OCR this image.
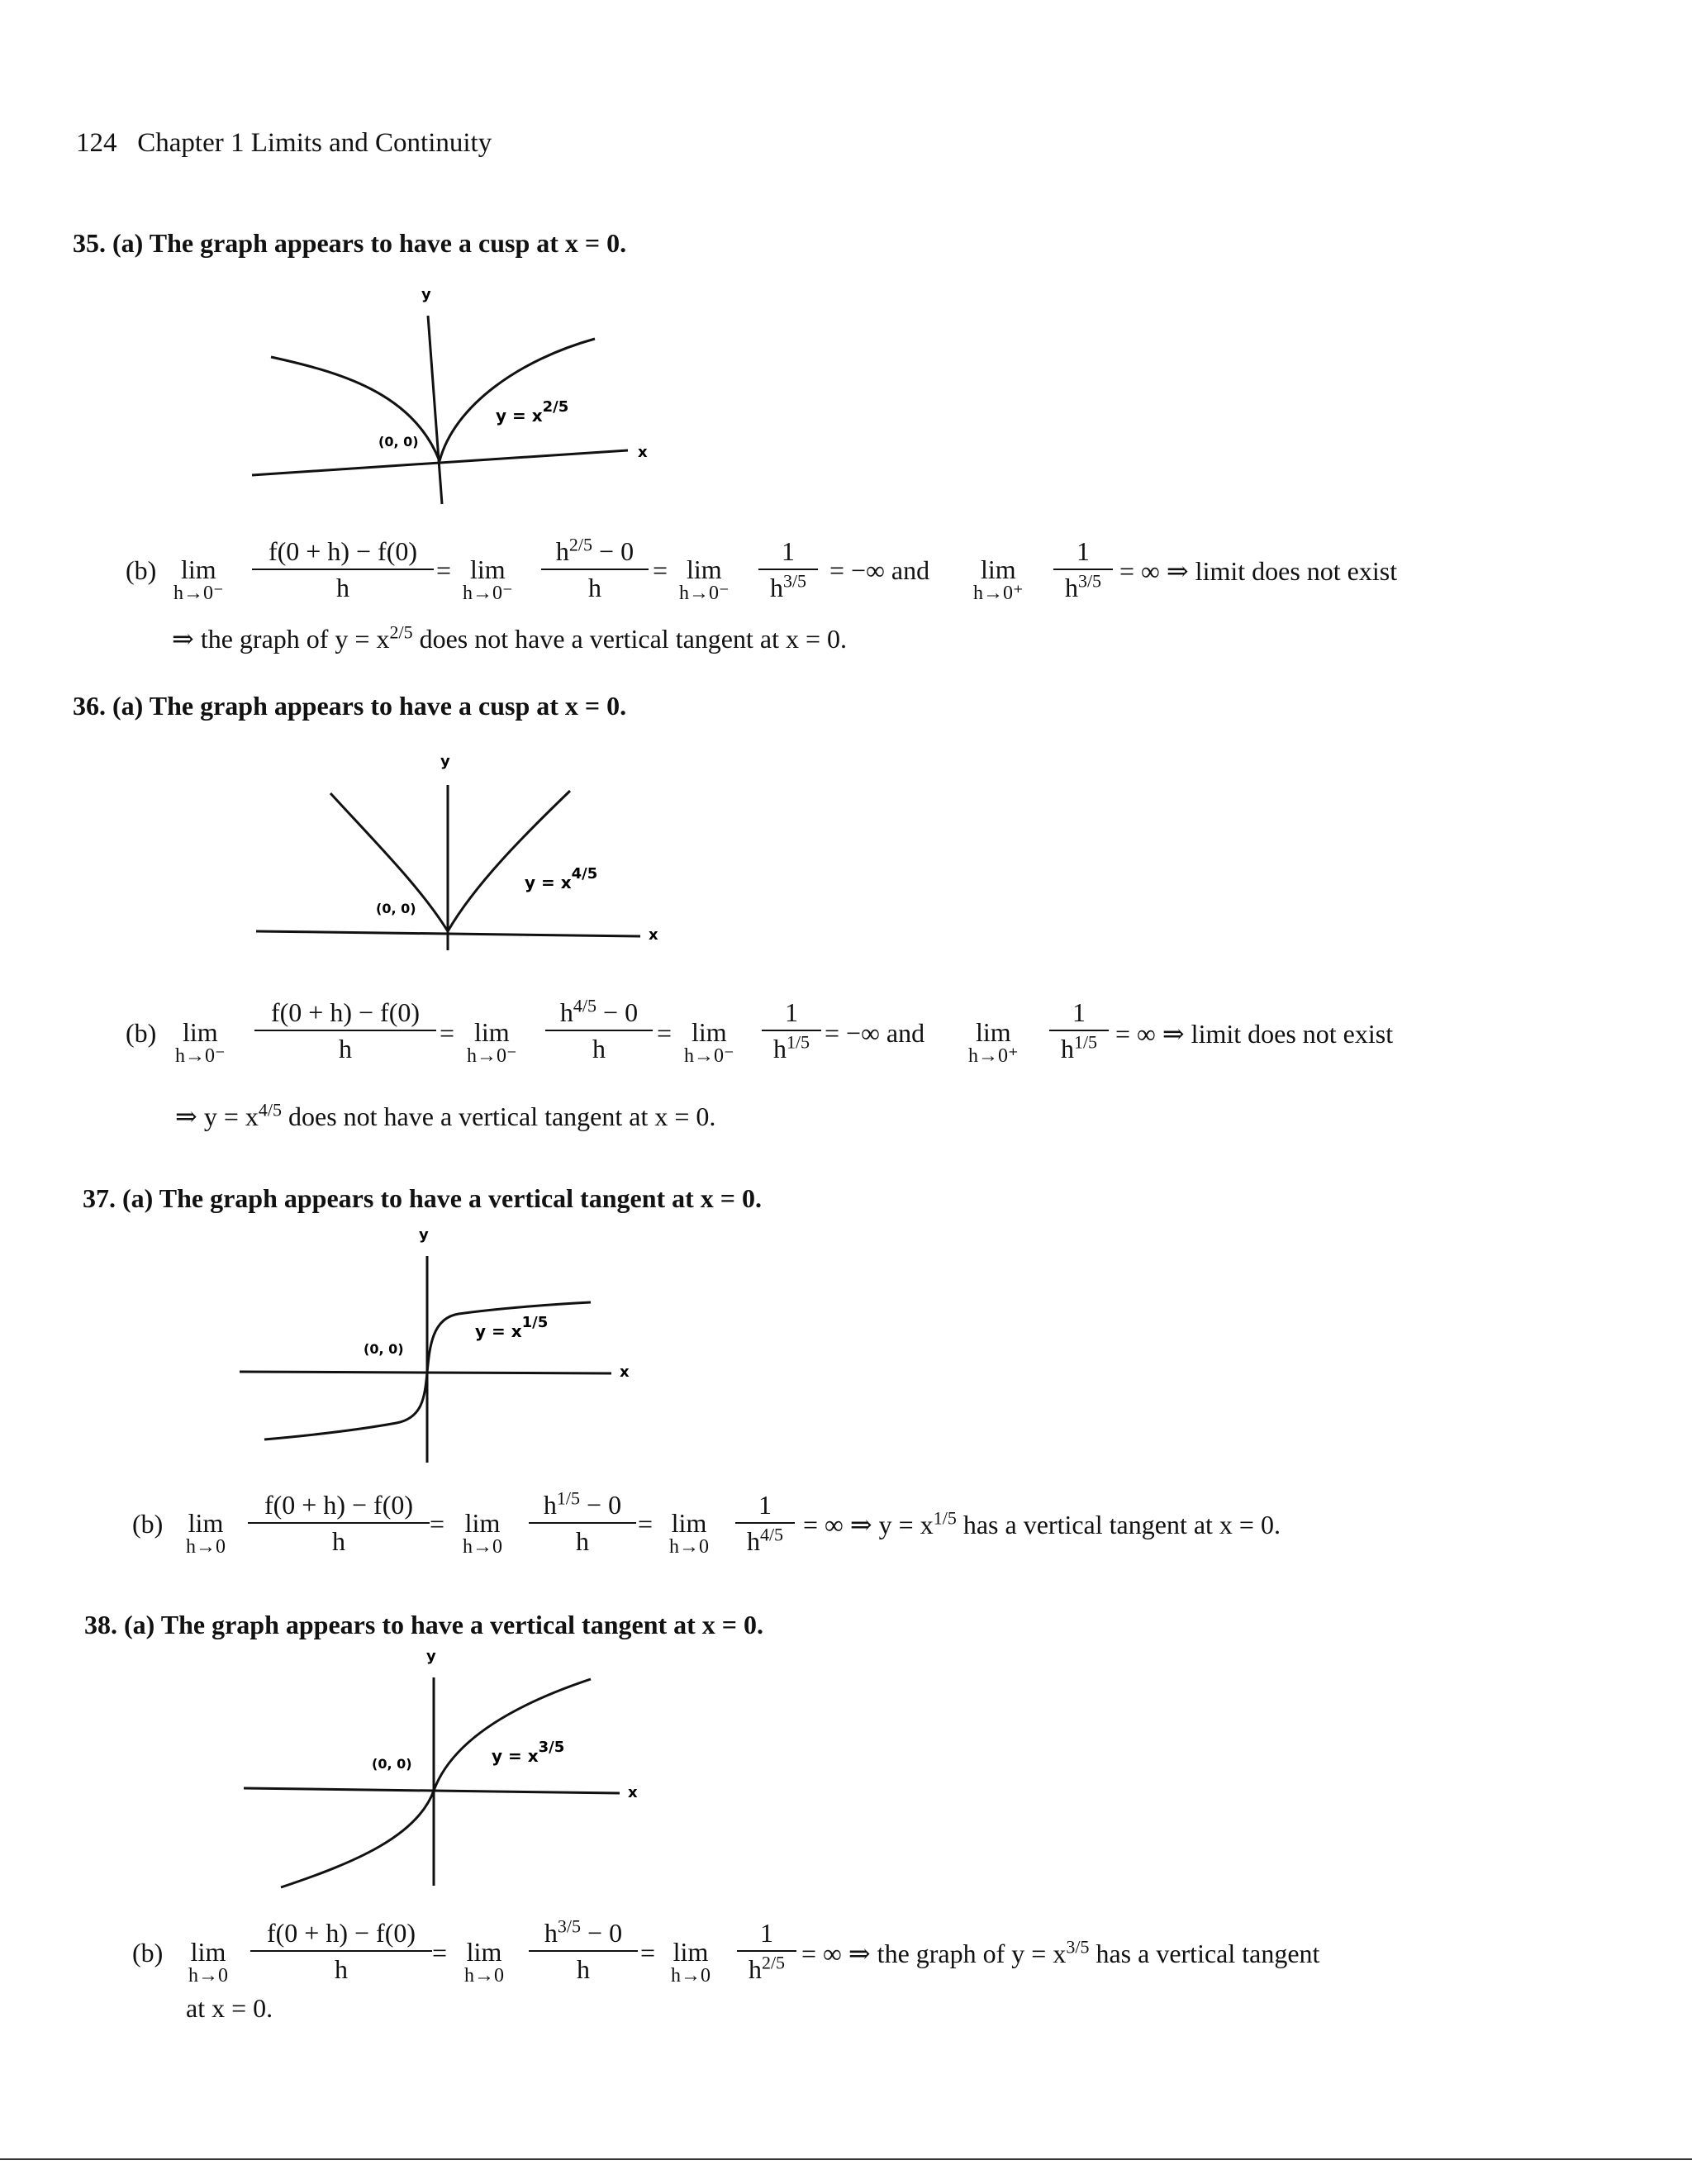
124 Chapter 1 Limits and Continuity
35. (a) The graph appears to have a cusp at x = 0.
y
x
(0, 0)
y = x2/5
(b) lim
h→0⁻
f(0 + h) − f(0)
h
= lim
h→0⁻
$h^{2/5} - 0$
h
= lim
h→0⁻
1
$h^{3/5}$ = −∞ and lim
h→0⁺
1
$h^{3/5}$ = ∞ ⇒ limit does not exist
⇒ the graph of $y = x^{2/5}$ does not have a vertical tangent at x = 0.
36. (a) The graph appears to have a cusp at x = 0.
y
x
(0, 0)
y = x4/5
(b) lim
h→0⁻
f(0 + h) − f(0)
h
= lim
h→0⁻
$h^{4/5} - 0$
h
= lim
h→0⁻
1
$h^{1/5}$ = −∞ and lim
h→0⁺
1
$h^{1/5}$ = ∞ ⇒ limit does not exist
⇒ $y = x^{4/5}$ does not have a vertical tangent at x = 0.
37. (a) The graph appears to have a vertical tangent at x = 0.
y
x
(0, 0)
y = x1/5
(b) lim
h→0
f(0 + h) − f(0)
h
= lim
h→0
$h^{1/5} - 0$
h
= lim
h→0
1
$h^{4/5}$ = ∞ ⇒ $y = x^{1/5}$ has a vertical tangent at x = 0.
38. (a) The graph appears to have a vertical tangent at x = 0.
y
x
(0, 0)	y = x3/5
(b) lim
h→0
f(0 + h) − f(0)
h
= lim
h→0
$h^{3/5} - 0$
h
= lim
h→0
1
$h^{2/5}$ = ∞ ⇒ the graph of $y = x^{3/5}$ has a vertical tangent
at x = 0.
